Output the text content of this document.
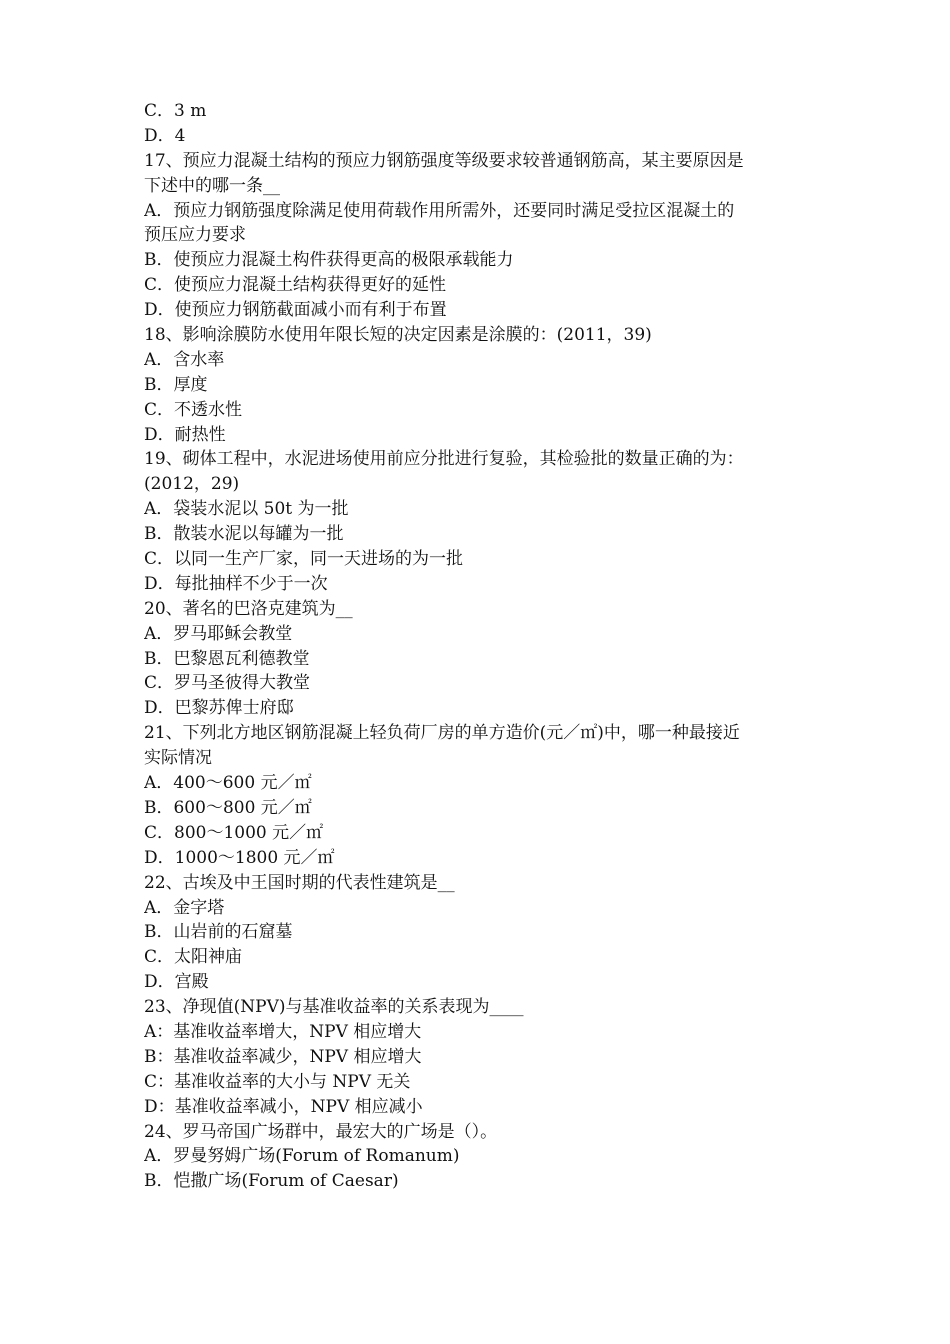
C．3 m
D．4
17、预应力混凝土结构的预应力钢筋强度等级要求较普通钢筋高，某主要原因是
下述中的哪一条__
A．预应力钢筋强度除满足使用荷载作用所需外，还要同时满足受拉区混凝土的
预压应力要求
B．使预应力混凝土构件获得更高的极限承载能力
C．使预应力混凝土结构获得更好的延性
D．使预应力钢筋截面减小而有利于布置
18、影响涂膜防水使用年限长短的决定因素是涂膜的：(2011，39)
A．含水率
B．厚度
C．不透水性
D．耐热性
19、砌体工程中，水泥进场使用前应分批进行复验，其检验批的数量正确的为：
(2012，29)
A．袋装水泥以 50t 为一批
B．散装水泥以每罐为一批
C．以同一生产厂家，同一天进场的为一批
D．每批抽样不少于一次
20、著名的巴洛克建筑为__
A．罗马耶稣会教堂
B．巴黎恩瓦利德教堂
C．罗马圣彼得大教堂
D．巴黎苏俾士府邸
21、下列北方地区钢筋混凝上轻负荷厂房的单方造价(元／㎡)中，哪一种最接近
实际情况
A．400～600 元／㎡
B．600～800 元／㎡
C．800～1000 元／㎡
D．1000～1800 元／㎡
22、古埃及中王国时期的代表性建筑是__
A．金字塔
B．山岩前的石窟墓
C．太阳神庙
D．宫殿
23、净现值(NPV)与基准收益率的关系表现为____
A：基准收益率增大，NPV 相应增大
B：基准收益率减少，NPV 相应增大
C：基准收益率的大小与 NPV 无关
D：基准收益率减小，NPV 相应减小
24、罗马帝国广场群中，最宏大的广场是（）。
A．罗曼努姆广场(Forum of Romanum)
B．恺撒广场(Forum of Caesar)
